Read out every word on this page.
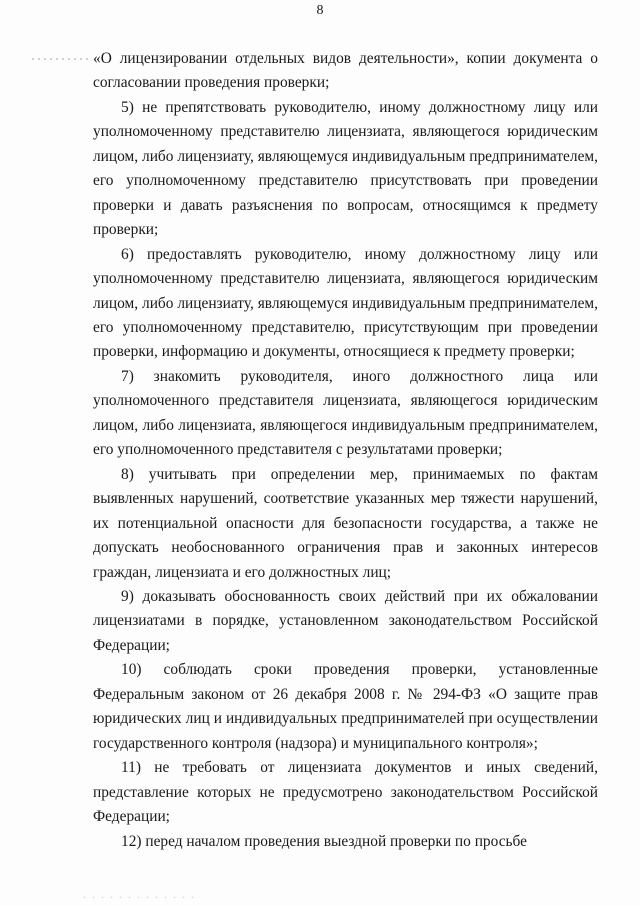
8

«О лицензировании отдельных видов деятельности», копии документа о согласовании проведения проверки;

5) не препятствовать руководителю, иному должностному лицу или уполномоченному представителю лицензиата, являющегося юридическим лицом, либо лицензиату, являющемуся индивидуальным предпринимателем, его уполномоченному представителю присутствовать при проведении проверки и давать разъяснения по вопросам, относящимся к предмету проверки;

6) предоставлять руководителю, иному должностному лицу или уполномоченному представителю лицензиата, являющегося юридическим лицом, либо лицензиату, являющемуся индивидуальным предпринимателем, его уполномоченному представителю, присутствующим при проведении проверки, информацию и документы, относящиеся к предмету проверки;

7) знакомить руководителя, иного должностного лица или уполномоченного представителя лицензиата, являющегося юридическим лицом, либо лицензиата, являющегося индивидуальным предпринимателем, его уполномоченного представителя с результатами проверки;

8) учитывать при определении мер, принимаемых по фактам выявленных нарушений, соответствие указанных мер тяжести нарушений, их потенциальной опасности для безопасности государства, а также не допускать необоснованного ограничения прав и законных интересов граждан, лицензиата и его должностных лиц;

9) доказывать обоснованность своих действий при их обжаловании лицензиатами в порядке, установленном законодательством Российской Федерации;

10) соблюдать сроки проведения проверки, установленные Федеральным законом от 26 декабря 2008 г. № 294-ФЗ «О защите прав юридических лиц и индивидуальных предпринимателей при осуществлении государственного контроля (надзора) и муниципального контроля»;

11) не требовать от лицензиата документов и иных сведений, представление которых не предусмотрено законодательством Российской Федерации;

12) перед началом проведения выездной проверки по просьбе
